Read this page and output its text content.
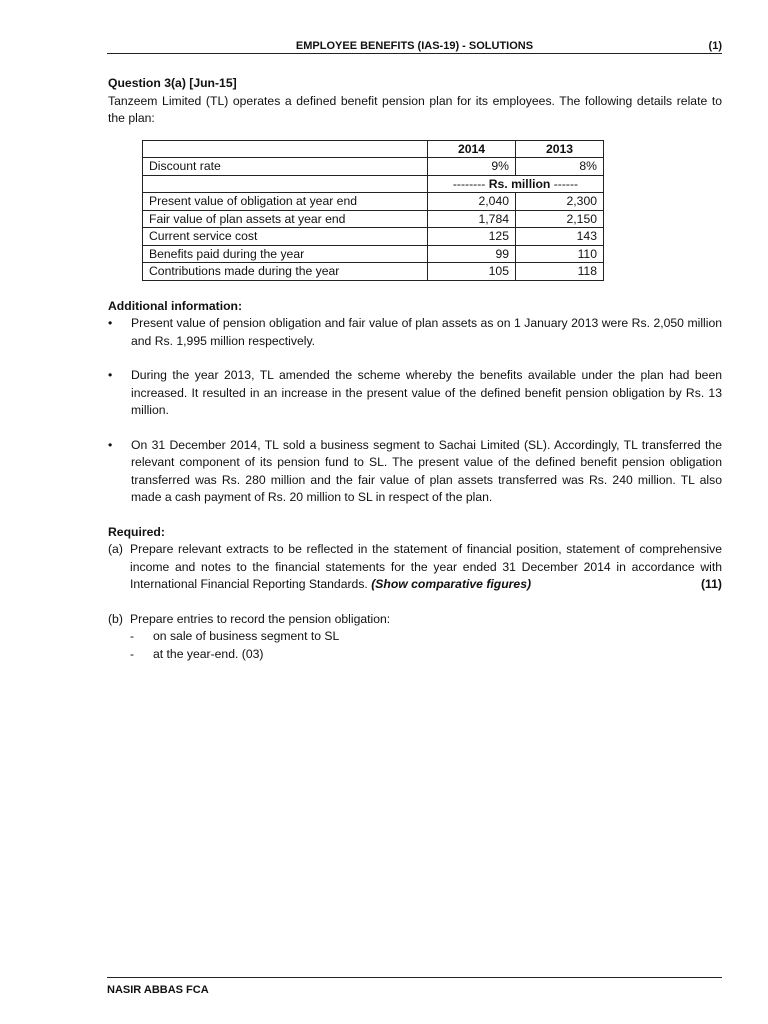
EMPLOYEE BENEFITS (IAS-19) - SOLUTIONS	(1)

Question 3(a) [Jun-15]

Tanzeem Limited (TL) operates a defined benefit pension plan for its employees. The following details relate to the plan:

	2014	2013
Discount rate	9%	8%
	-------- Rs. million ------	
Present value of obligation at year end	2,040	2,300
Fair value of plan assets at year end	1,784	2,150
Current service cost	125	143
Benefits paid during the year	99	110
Contributions made during the year	105	118

Additional information:

• Present value of pension obligation and fair value of plan assets as on 1 January 2013 were Rs. 2,050 million and Rs. 1,995 million respectively.
• During the year 2013, TL amended the scheme whereby the benefits available under the plan had been increased. It resulted in an increase in the present value of the defined benefit pension obligation by Rs. 13 million.
• On 31 December 2014, TL sold a business segment to Sachai Limited (SL). Accordingly, TL transferred the relevant component of its pension fund to SL. The present value of the defined benefit pension obligation transferred was Rs. 280 million and the fair value of plan assets transferred was Rs. 240 million. TL also made a cash payment of Rs. 20 million to SL in respect of the plan.

Required:

(a) Prepare relevant extracts to be reflected in the statement of financial position, statement of comprehensive income and notes to the financial statements for the year ended 31 December 2014 in accordance with International Financial Reporting Standards. (Show comparative figures)	(11)
(b) Prepare entries to record the pension obligation:
- on sale of business segment to SL
- at the year-end. (03)
NASIR ABBAS FCA
